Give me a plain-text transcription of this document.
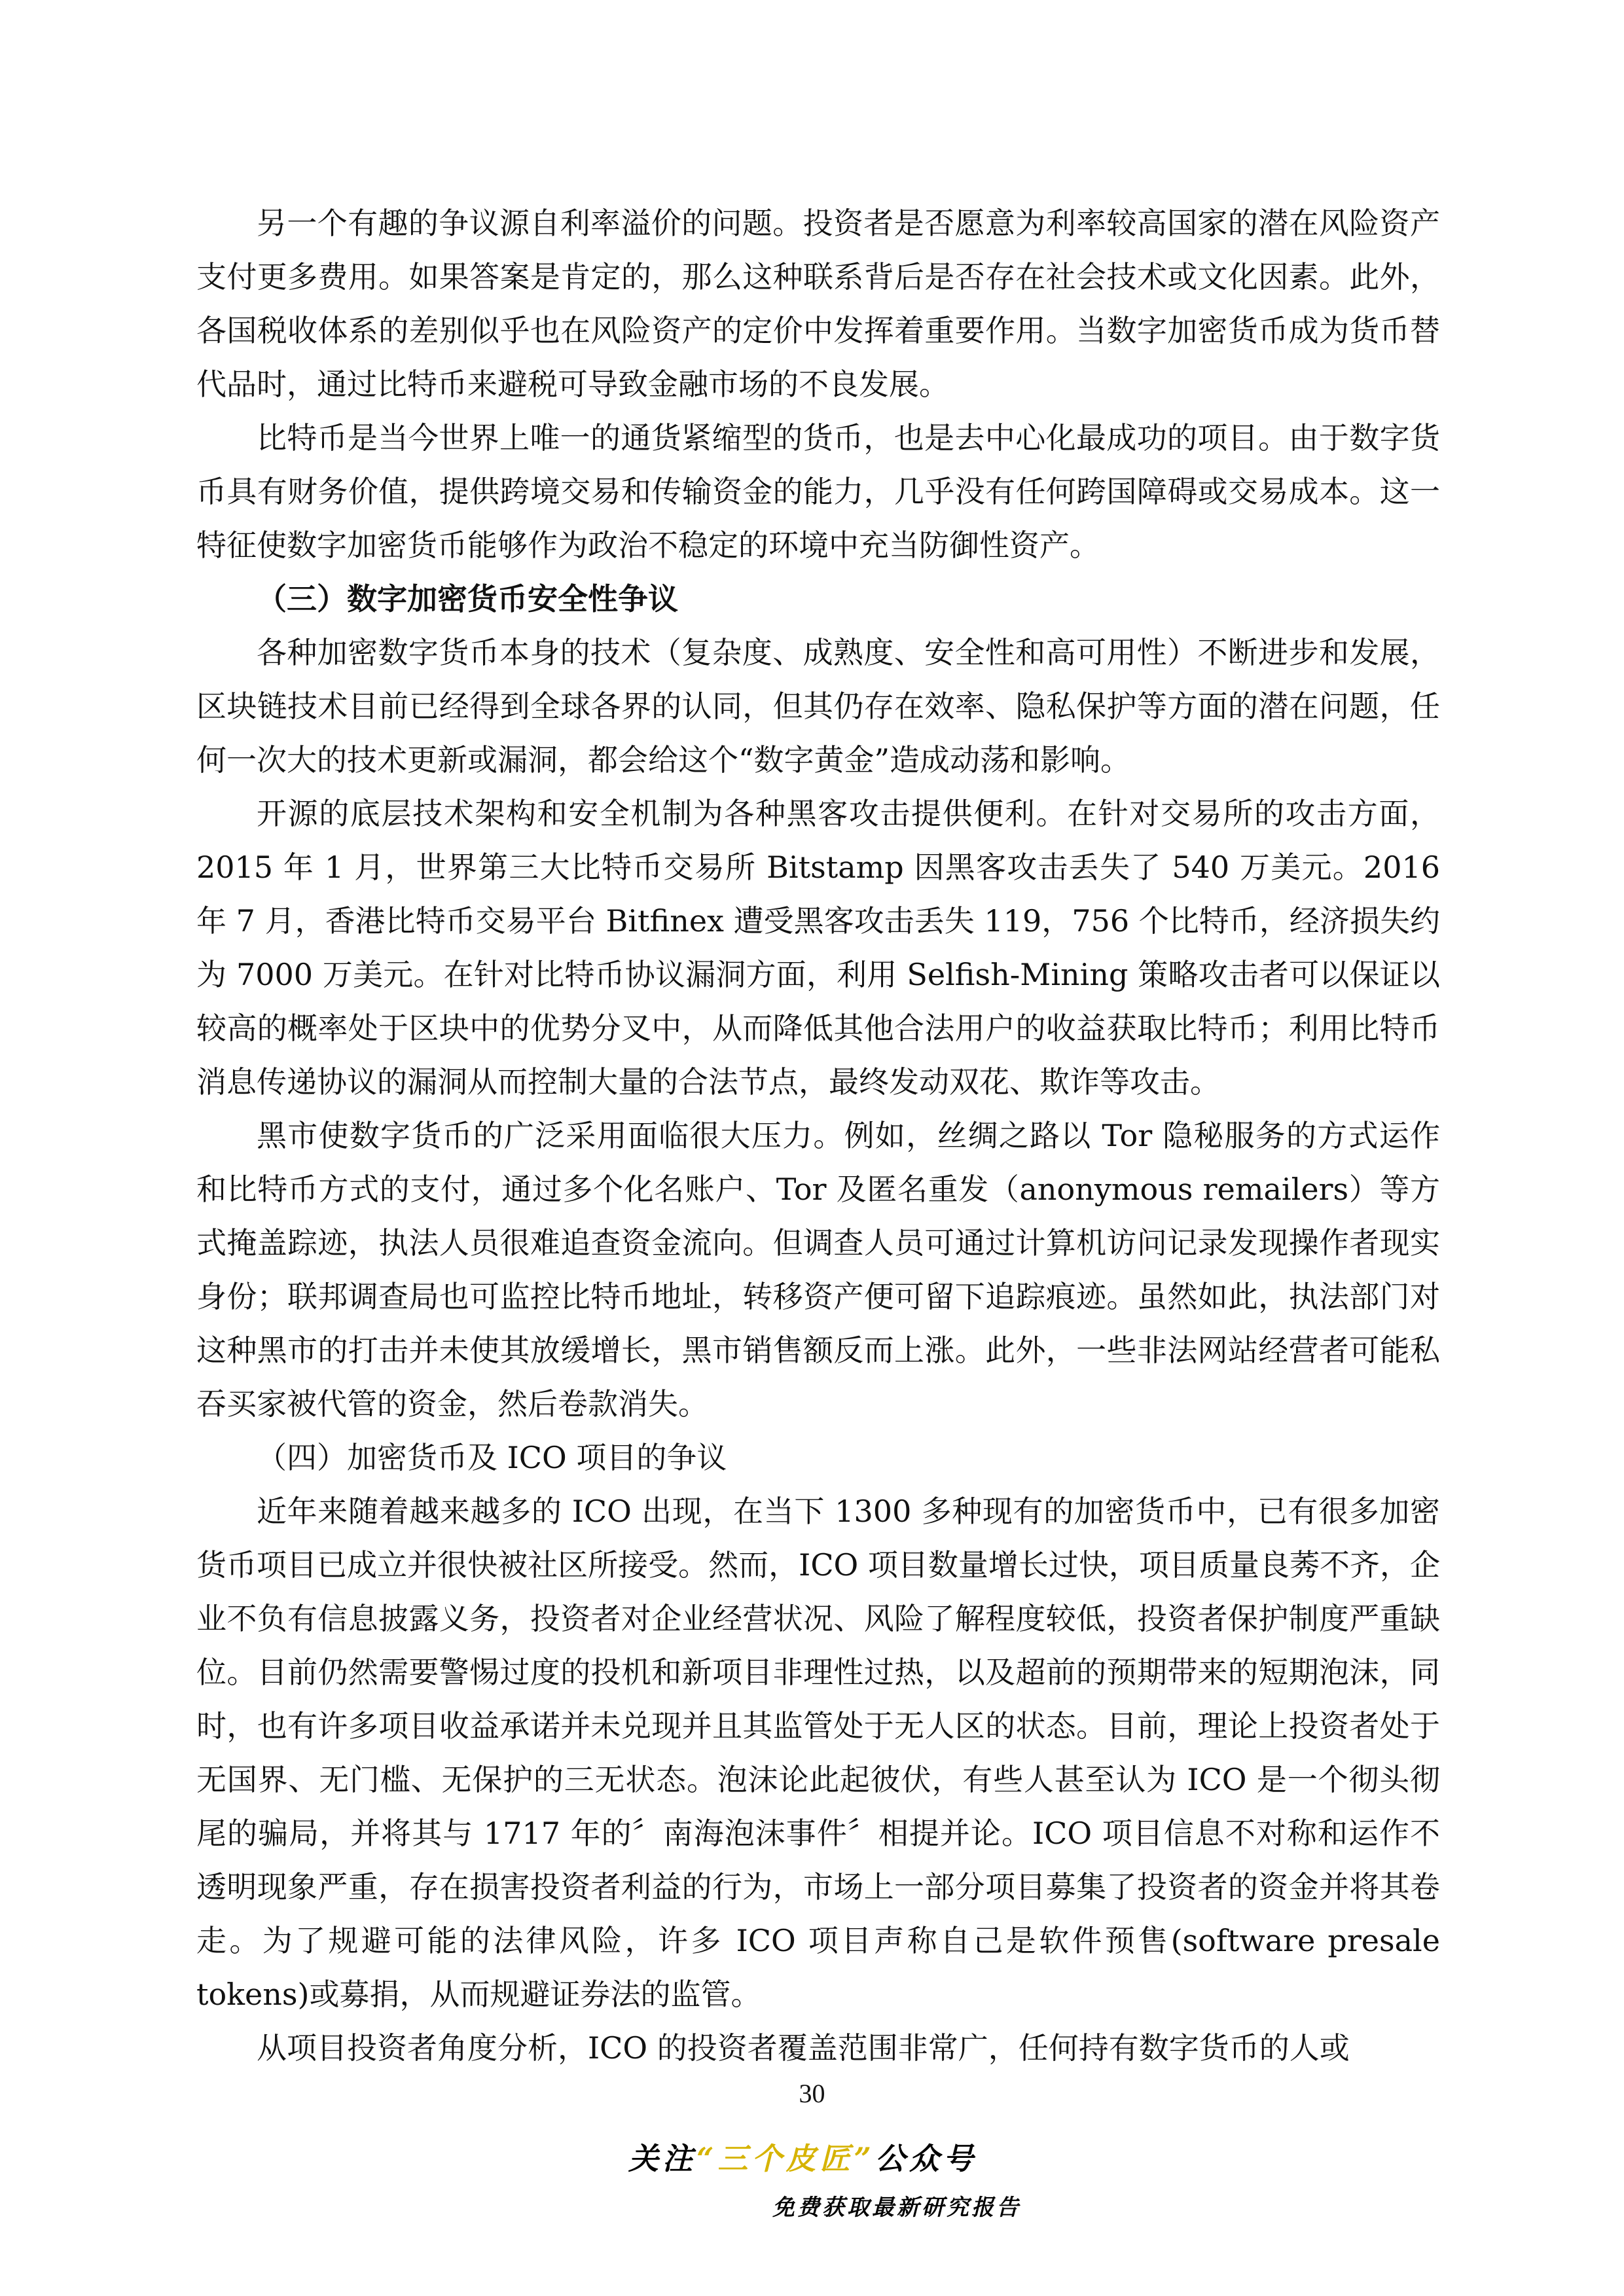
另一个有趣的争议源自利率溢价的问题。投资者是否愿意为利率较高国家的潜在风险资产支付更多费用。如果答案是肯定的，那么这种联系背后是否存在社会技术或文化因素。此外，各国税收体系的差别似乎也在风险资产的定价中发挥着重要作用。当数字加密货币成为货币替代品时，通过比特币来避税可导致金融市场的不良发展。

比特币是当今世界上唯一的通货紧缩型的货币，也是去中心化最成功的项目。由于数字货币具有财务价值，提供跨境交易和传输资金的能力，几乎没有任何跨国障碍或交易成本。这一特征使数字加密货币能够作为政治不稳定的环境中充当防御性资产。

（三）数字加密货币安全性争议

各种加密数字货币本身的技术（复杂度、成熟度、安全性和高可用性）不断进步和发展，区块链技术目前已经得到全球各界的认同，但其仍存在效率、隐私保护等方面的潜在问题，任何一次大的技术更新或漏洞，都会给这个“数字黄金”造成动荡和影响。

开源的底层技术架构和安全机制为各种黑客攻击提供便利。在针对交易所的攻击方面，2015 年 1 月，世界第三大比特币交易所 Bitstamp 因黑客攻击丢失了 540 万美元。2016 年 7 月，香港比特币交易平台 Bitfinex 遭受黑客攻击丢失 119，756 个比特币，经济损失约为 7000 万美元。在针对比特币协议漏洞方面，利用 Selfish-Mining 策略攻击者可以保证以较高的概率处于区块中的优势分叉中，从而降低其他合法用户的收益获取比特币；利用比特币消息传递协议的漏洞从而控制大量的合法节点，最终发动双花、欺诈等攻击。

黑市使数字货币的广泛采用面临很大压力。例如，丝绸之路以 Tor 隐秘服务的方式运作和比特币方式的支付，通过多个化名账户、Tor 及匿名重发（anonymous remailers）等方式掩盖踪迹，执法人员很难追查资金流向。但调查人员可通过计算机访问记录发现操作者现实身份；联邦调查局也可监控比特币地址，转移资产便可留下追踪痕迹。虽然如此，执法部门对这种黑市的打击并未使其放缓增长，黑市销售额反而上涨。此外，一些非法网站经营者可能私吞买家被代管的资金，然后卷款消失。

（四）加密货币及 ICO 项目的争议

近年来随着越来越多的 ICO 出现，在当下 1300 多种现有的加密货币中，已有很多加密货币项目已成立并很快被社区所接受。然而，ICO 项目数量增长过快，项目质量良莠不齐，企业不负有信息披露义务，投资者对企业经营状况、风险了解程度较低，投资者保护制度严重缺位。目前仍然需要警惕过度的投机和新项目非理性过热，以及超前的预期带来的短期泡沫，同时，也有许多项目收益承诺并未兑现并且其监管处于无人区的状态。目前，理论上投资者处于无国界、无门槛、无保护的三无状态。泡沫论此起彼伏，有些人甚至认为 ICO 是一个彻头彻尾的骗局，并将其与 1717 年的〞南海泡沫事件〞相提并论。ICO 项目信息不对称和运作不透明现象严重，存在损害投资者利益的行为，市场上一部分项目募集了投资者的资金并将其卷走。为了规避可能的法律风险，许多 ICO 项目声称自己是软件预售(software presale tokens)或募捐，从而规避证券法的监管。

从项目投资者角度分析，ICO 的投资者覆盖范围非常广，任何持有数字货币的人或

30
关注“三个皮匠”公众号
免费获取最新研究报告
